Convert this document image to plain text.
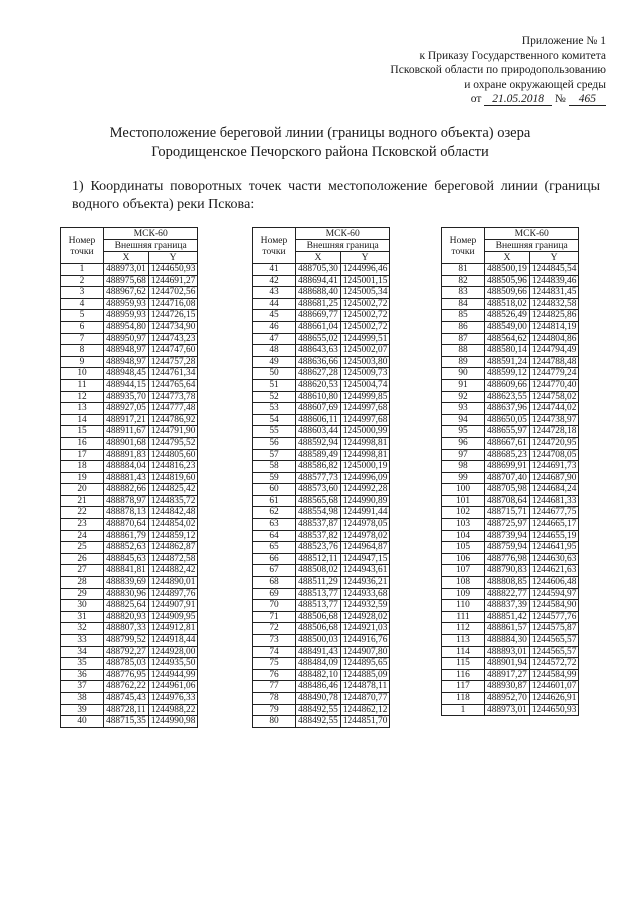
Приложение № 1
к Приказу Государственного комитета
Псковской области по природопользованию
и охране окружающей среды
от 21.05.2018 № 465
Местоположение береговой линии (границы водного объекта) озера
Городищенское Печорского района Псковской области
1) Координаты поворотных точек части местоположение береговой линии (границы водного объекта) реки Псковa:
Номер точки	МСК-60	
	Внешняя граница	
	X	Y
1	488973,01	1244650,93
2	488975,68	1244691,27
3	488967,62	1244702,56
4	488959,93	1244716,08
5	488959,93	1244726,15
6	488954,80	1244734,90
7	488950,97	1244743,23
8	488948,97	1244747,60
9	488948,97	1244757,28
10	488948,45	1244761,34
11	488944,15	1244765,64
12	488935,70	1244773,78
13	488927,05	1244777,48
14	488917,21	1244786,92
15	488911,67	1244791,90
16	488901,68	1244795,52
17	488891,83	1244805,60
18	488884,04	1244816,23
19	488881,43	1244819,60
20	488882,66	1244825,42
21	488878,97	1244835,72
22	488878,13	1244842,48
23	488870,64	1244854,02
24	488861,79	1244859,12
25	488852,63	1244862,87
26	488845,63	1244872,58
27	488841,81	1244882,42
28	488839,69	1244890,01
29	488830,96	1244897,76
30	488825,64	1244907,91
31	488820,93	1244909,95
32	488807,33	1244912,81
33	488799,52	1244918,44
34	488792,27	1244928,00
35	488785,03	1244935,50
36	488776,95	1244944,99
37	488762,22	1244961,06
38	488745,43	1244976,33
39	488728,11	1244988,22
40	488715,35	1244990,98
Номер точки	МСК-60	
	Внешняя граница	
	X	Y
41	488705,30	1244996,46
42	488694,41	1245001,15
43	488688,40	1245005,34
44	488681,25	1245002,72
45	488669,77	1245002,72
46	488661,04	1245002,72
47	488655,02	1244999,51
48	488643,63	1245002,07
49	488636,66	1245003,80
50	488627,28	1245009,73
51	488620,53	1245004,74
52	488610,80	1244999,85
53	488607,69	1244997,68
54	488606,11	1244997,68
55	488603,44	1245000,99
56	488592,94	1244998,81
57	488589,49	1244998,81
58	488586,82	1245000,19
59	488577,73	1244996,09
60	488573,60	1244992,28
61	488565,68	1244990,89
62	488554,98	1244991,44
63	488537,87	1244978,05
64	488537,82	1244978,02
65	488523,76	1244964,87
66	488512,11	1244947,15
67	488508,02	1244943,61
68	488511,29	1244936,21
69	488513,77	1244933,68
70	488513,77	1244932,59
71	488506,68	1244928,02
72	488506,68	1244921,03
73	488500,03	1244916,76
74	488491,43	1244907,80
75	488484,09	1244895,65
76	488482,10	1244885,09
77	488486,46	1244878,11
78	488490,78	1244870,77
79	488492,55	1244862,12
80	488492,55	1244851,70
Номер точки	МСК-60	
	Внешняя граница	
	X	Y
81	488500,19	1244845,54
82	488505,96	1244839,46
83	488509,66	1244831,45
84	488518,02	1244832,58
85	488526,49	1244825,86
86	488549,00	1244814,19
87	488564,62	1244804,86
88	488580,14	1244794,49
89	488591,24	1244788,48
90	488599,12	1244779,24
91	488609,66	1244770,40
92	488623,55	1244758,02
93	488637,96	1244744,02
94	488650,05	1244738,97
95	488655,97	1244728,18
96	488667,61	1244720,95
97	488685,23	1244708,05
98	488699,91	1244691,73
99	488707,40	1244687,90
100	488705,98	1244684,24
101	488708,64	1244681,33
102	488715,71	1244677,75
103	488725,97	1244665,17
104	488739,94	1244655,19
105	488759,94	1244641,95
106	488776,98	1244630,63
107	488790,83	1244621,63
108	488808,85	1244606,48
109	488822,77	1244594,97
110	488837,39	1244584,90
111	488851,42	1244577,76
112	488861,57	1244575,87
113	488884,30	1244565,57
114	488893,01	1244565,57
115	488901,94	1244572,72
116	488917,27	1244584,99
117	488930,87	1244601,07
118	488952,70	1244626,91
1	488973,01	1244650,93
